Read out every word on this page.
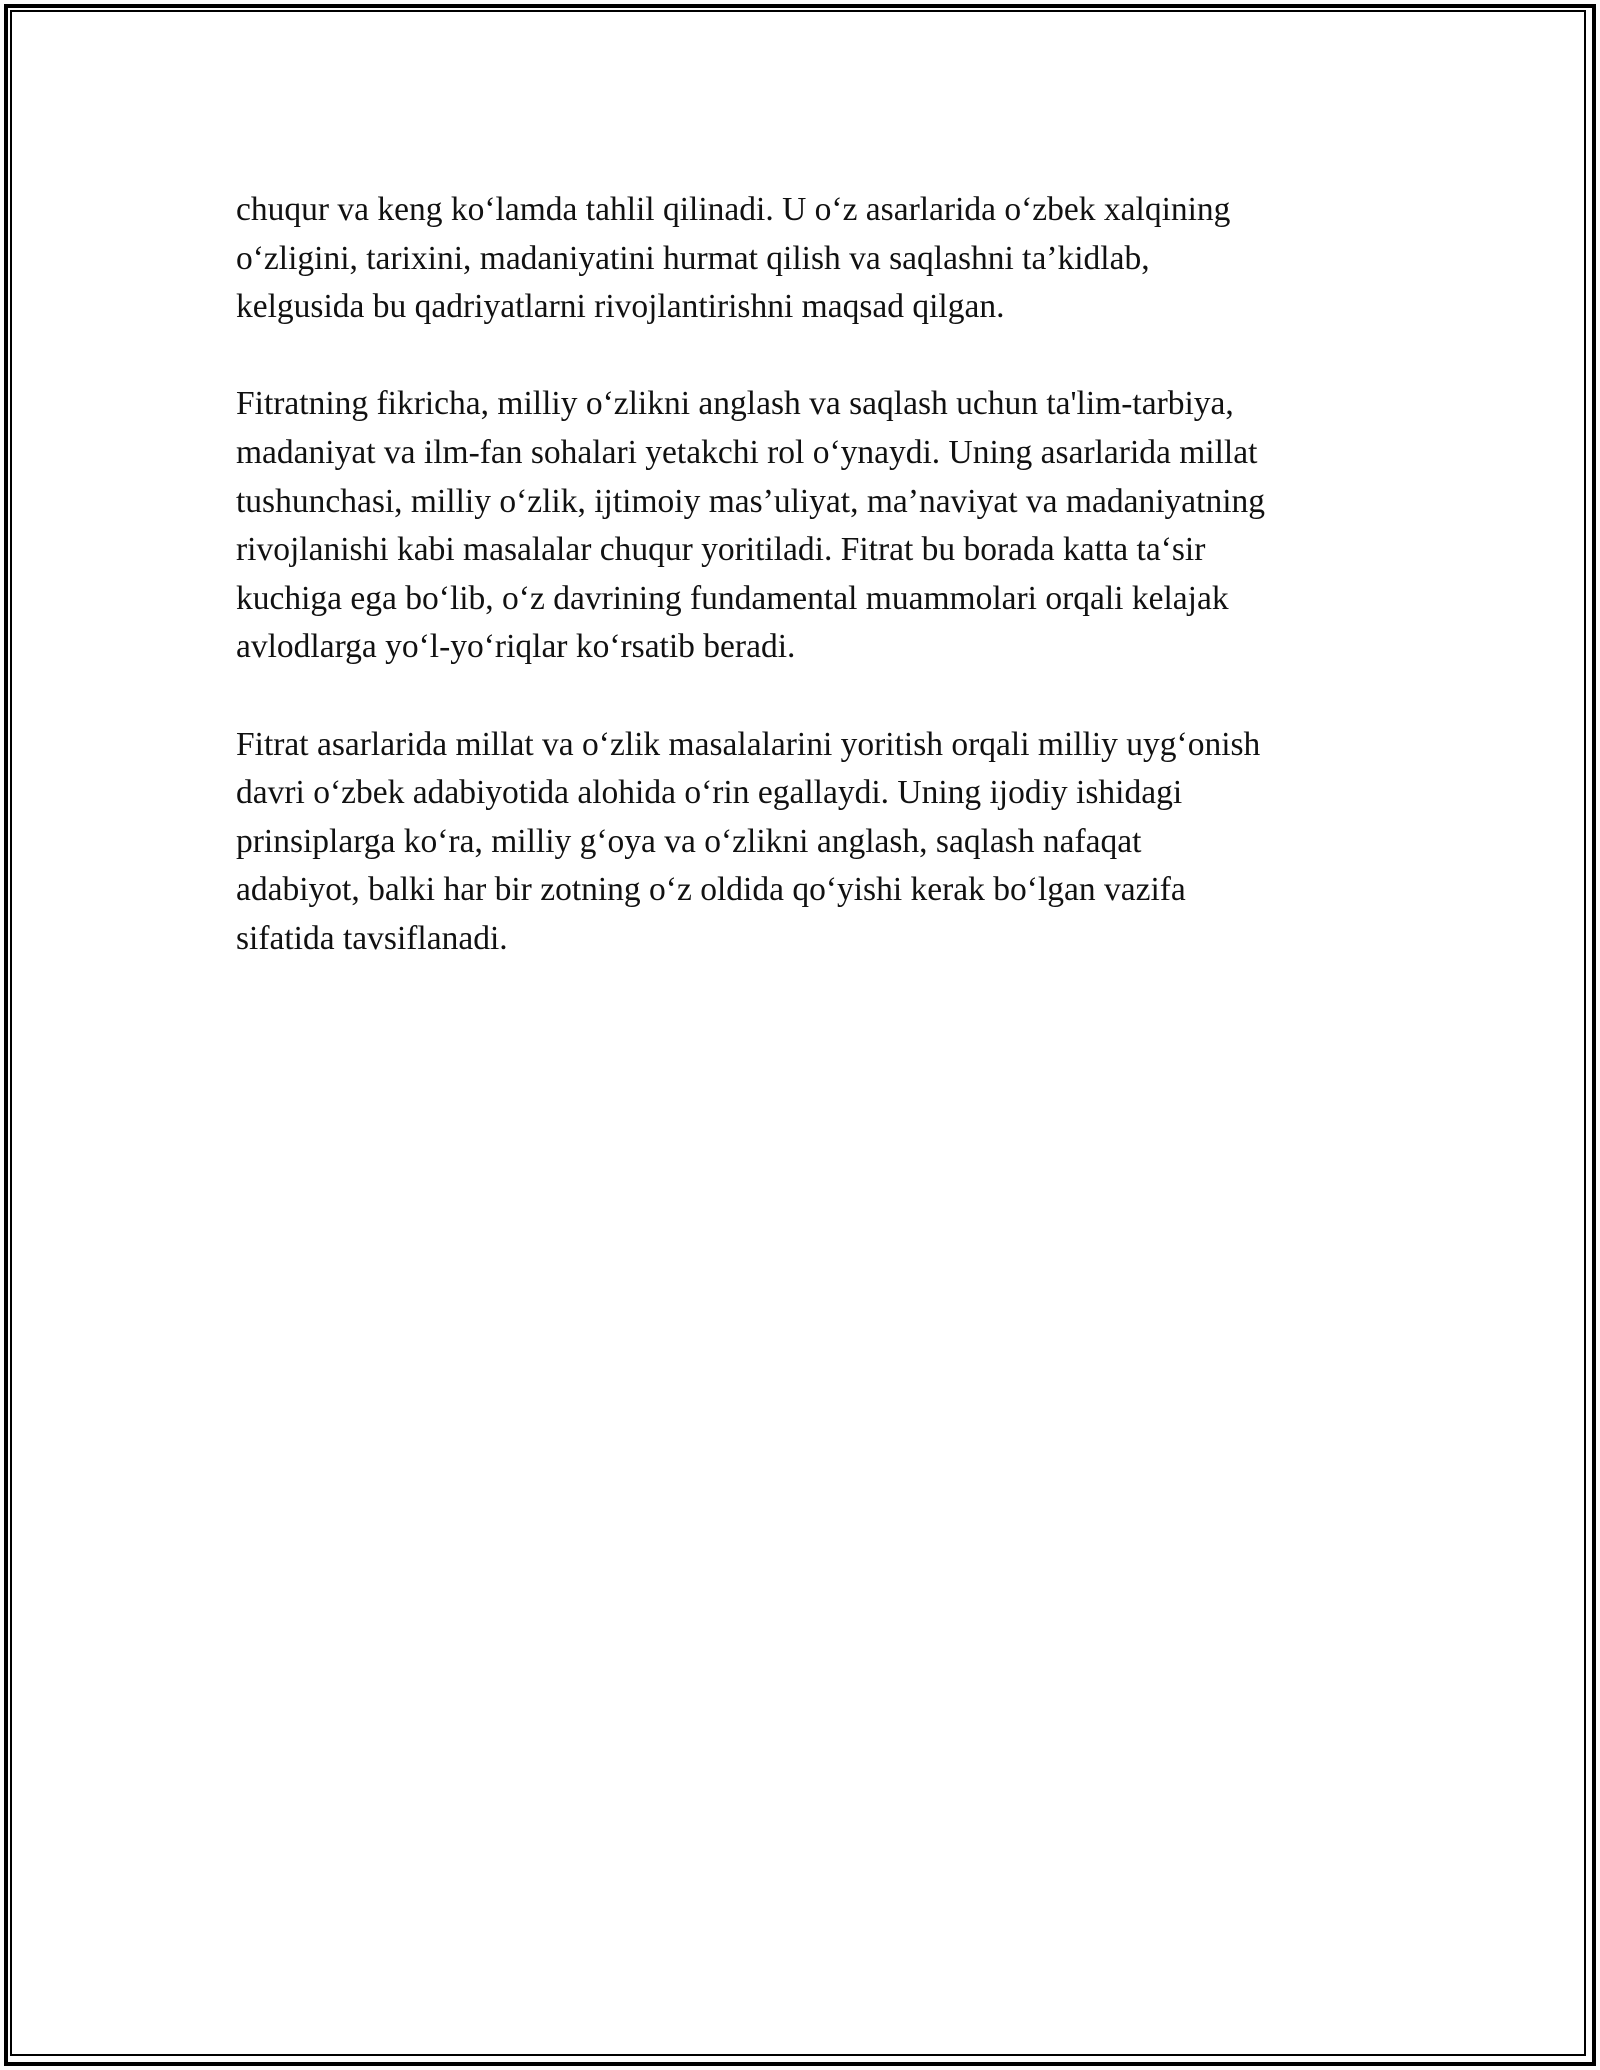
chuqur va keng ko‘lamda tahlil qilinadi. U o‘z asarlarida o‘zbek xalqining
o‘zligini, tarixini, madaniyatini hurmat qilish va saqlashni ta’kidlab,
kelgusida bu qadriyatlarni rivojlantirishni maqsad qilgan.

Fitratning fikricha, milliy o‘zlikni anglash va saqlash uchun ta'lim-tarbiya,
madaniyat va ilm-fan sohalari yetakchi rol o‘ynaydi. Uning asarlarida millat
tushunchasi, milliy o‘zlik, ijtimoiy mas’uliyat, ma’naviyat va madaniyatning
rivojlanishi kabi masalalar chuqur yoritiladi. Fitrat bu borada katta ta‘sir
kuchiga ega bo‘lib, o‘z davrining fundamental muammolari orqali kelajak
avlodlarga yo‘l-yo‘riqlar ko‘rsatib beradi.

Fitrat asarlarida millat va o‘zlik masalalarini yoritish orqali milliy uyg‘onish
davri o‘zbek adabiyotida alohida o‘rin egallaydi. Uning ijodiy ishidagi
prinsiplarga ko‘ra, milliy g‘oya va o‘zlikni anglash, saqlash nafaqat
adabiyot, balki har bir zotning o‘z oldida qo‘yishi kerak bo‘lgan vazifa
sifatida tavsiflanadi.
